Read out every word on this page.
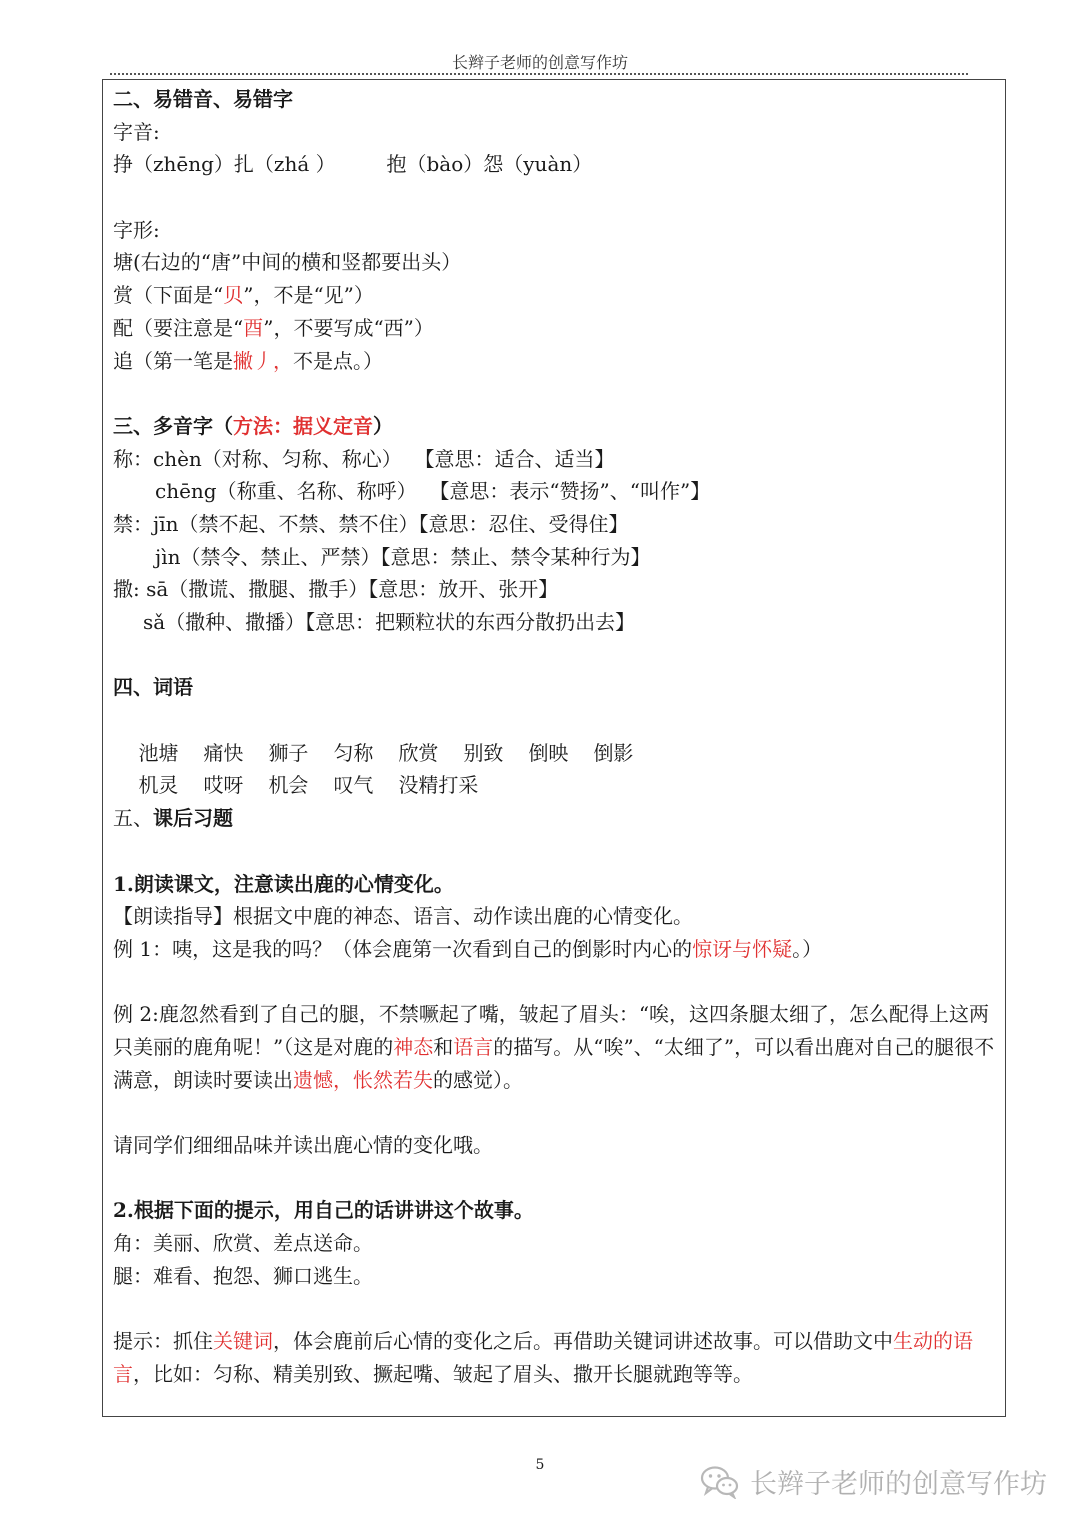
长辫子老师的创意写作坊
二、易错音、易错字
字音:
挣（zhēng）扎（zhá ）        抱（bào）怨（yuàn）
字形:
塘(右边的“唐”中间的横和竖都要出头）
赏（下面是“贝”，不是“见”）
配（要注意是“酉”，不要写成“西”）
追（第一笔是撇丿，不是点。）
三、多音字（方法：据义定音）
称：chèn（对称、匀称、称心）  【意思：适合、适当】
chēng（称重、名称、称呼）  【意思：表示“赞扬”、“叫作”】
禁：jīn（禁不起、不禁、禁不住）【意思：忍住、受得住】
jìn（禁令、禁止、严禁）【意思：禁止、禁令某种行为】
撒: sā（撒谎、撒腿、撒手）【意思：放开、张开】
sǎ（撒种、撒播）【意思：把颗粒状的东西分散扔出去】
四、词语

池塘 痛快 狮子 匀称 欣赏 别致 倒映 倒影

机灵 哎呀 机会 叹气 没精打采

五、课后习题
1.朗读课文，注意读出鹿的心情变化。
【朗读指导】根据文中鹿的神态、语言、动作读出鹿的心情变化。
例 1：咦，这是我的吗？（体会鹿第一次看到自己的倒影时内心的惊讶与怀疑。）
例 2:鹿忽然看到了自己的腿，不禁噘起了嘴，皱起了眉头：“唉，这四条腿太细了，怎么配得上这两只美丽的鹿角呢！”（这是对鹿的神态和语言的描写。从“唉”、“太细了”，可以看出鹿对自己的腿很不满意，朗读时要读出遗憾，怅然若失的感觉）。
请同学们细细品味并读出鹿心情的变化哦。
2.根据下面的提示，用自己的话讲讲这个故事。
角：美丽、欣赏、差点送命。
腿：难看、抱怨、狮口逃生。
提示：抓住关键词，体会鹿前后心情的变化之后。再借助关键词讲述故事。可以借助文中生动的语言，比如：匀称、精美别致、撅起嘴、皱起了眉头、撒开长腿就跑等等。
5
长辫子老师的创意写作坊
